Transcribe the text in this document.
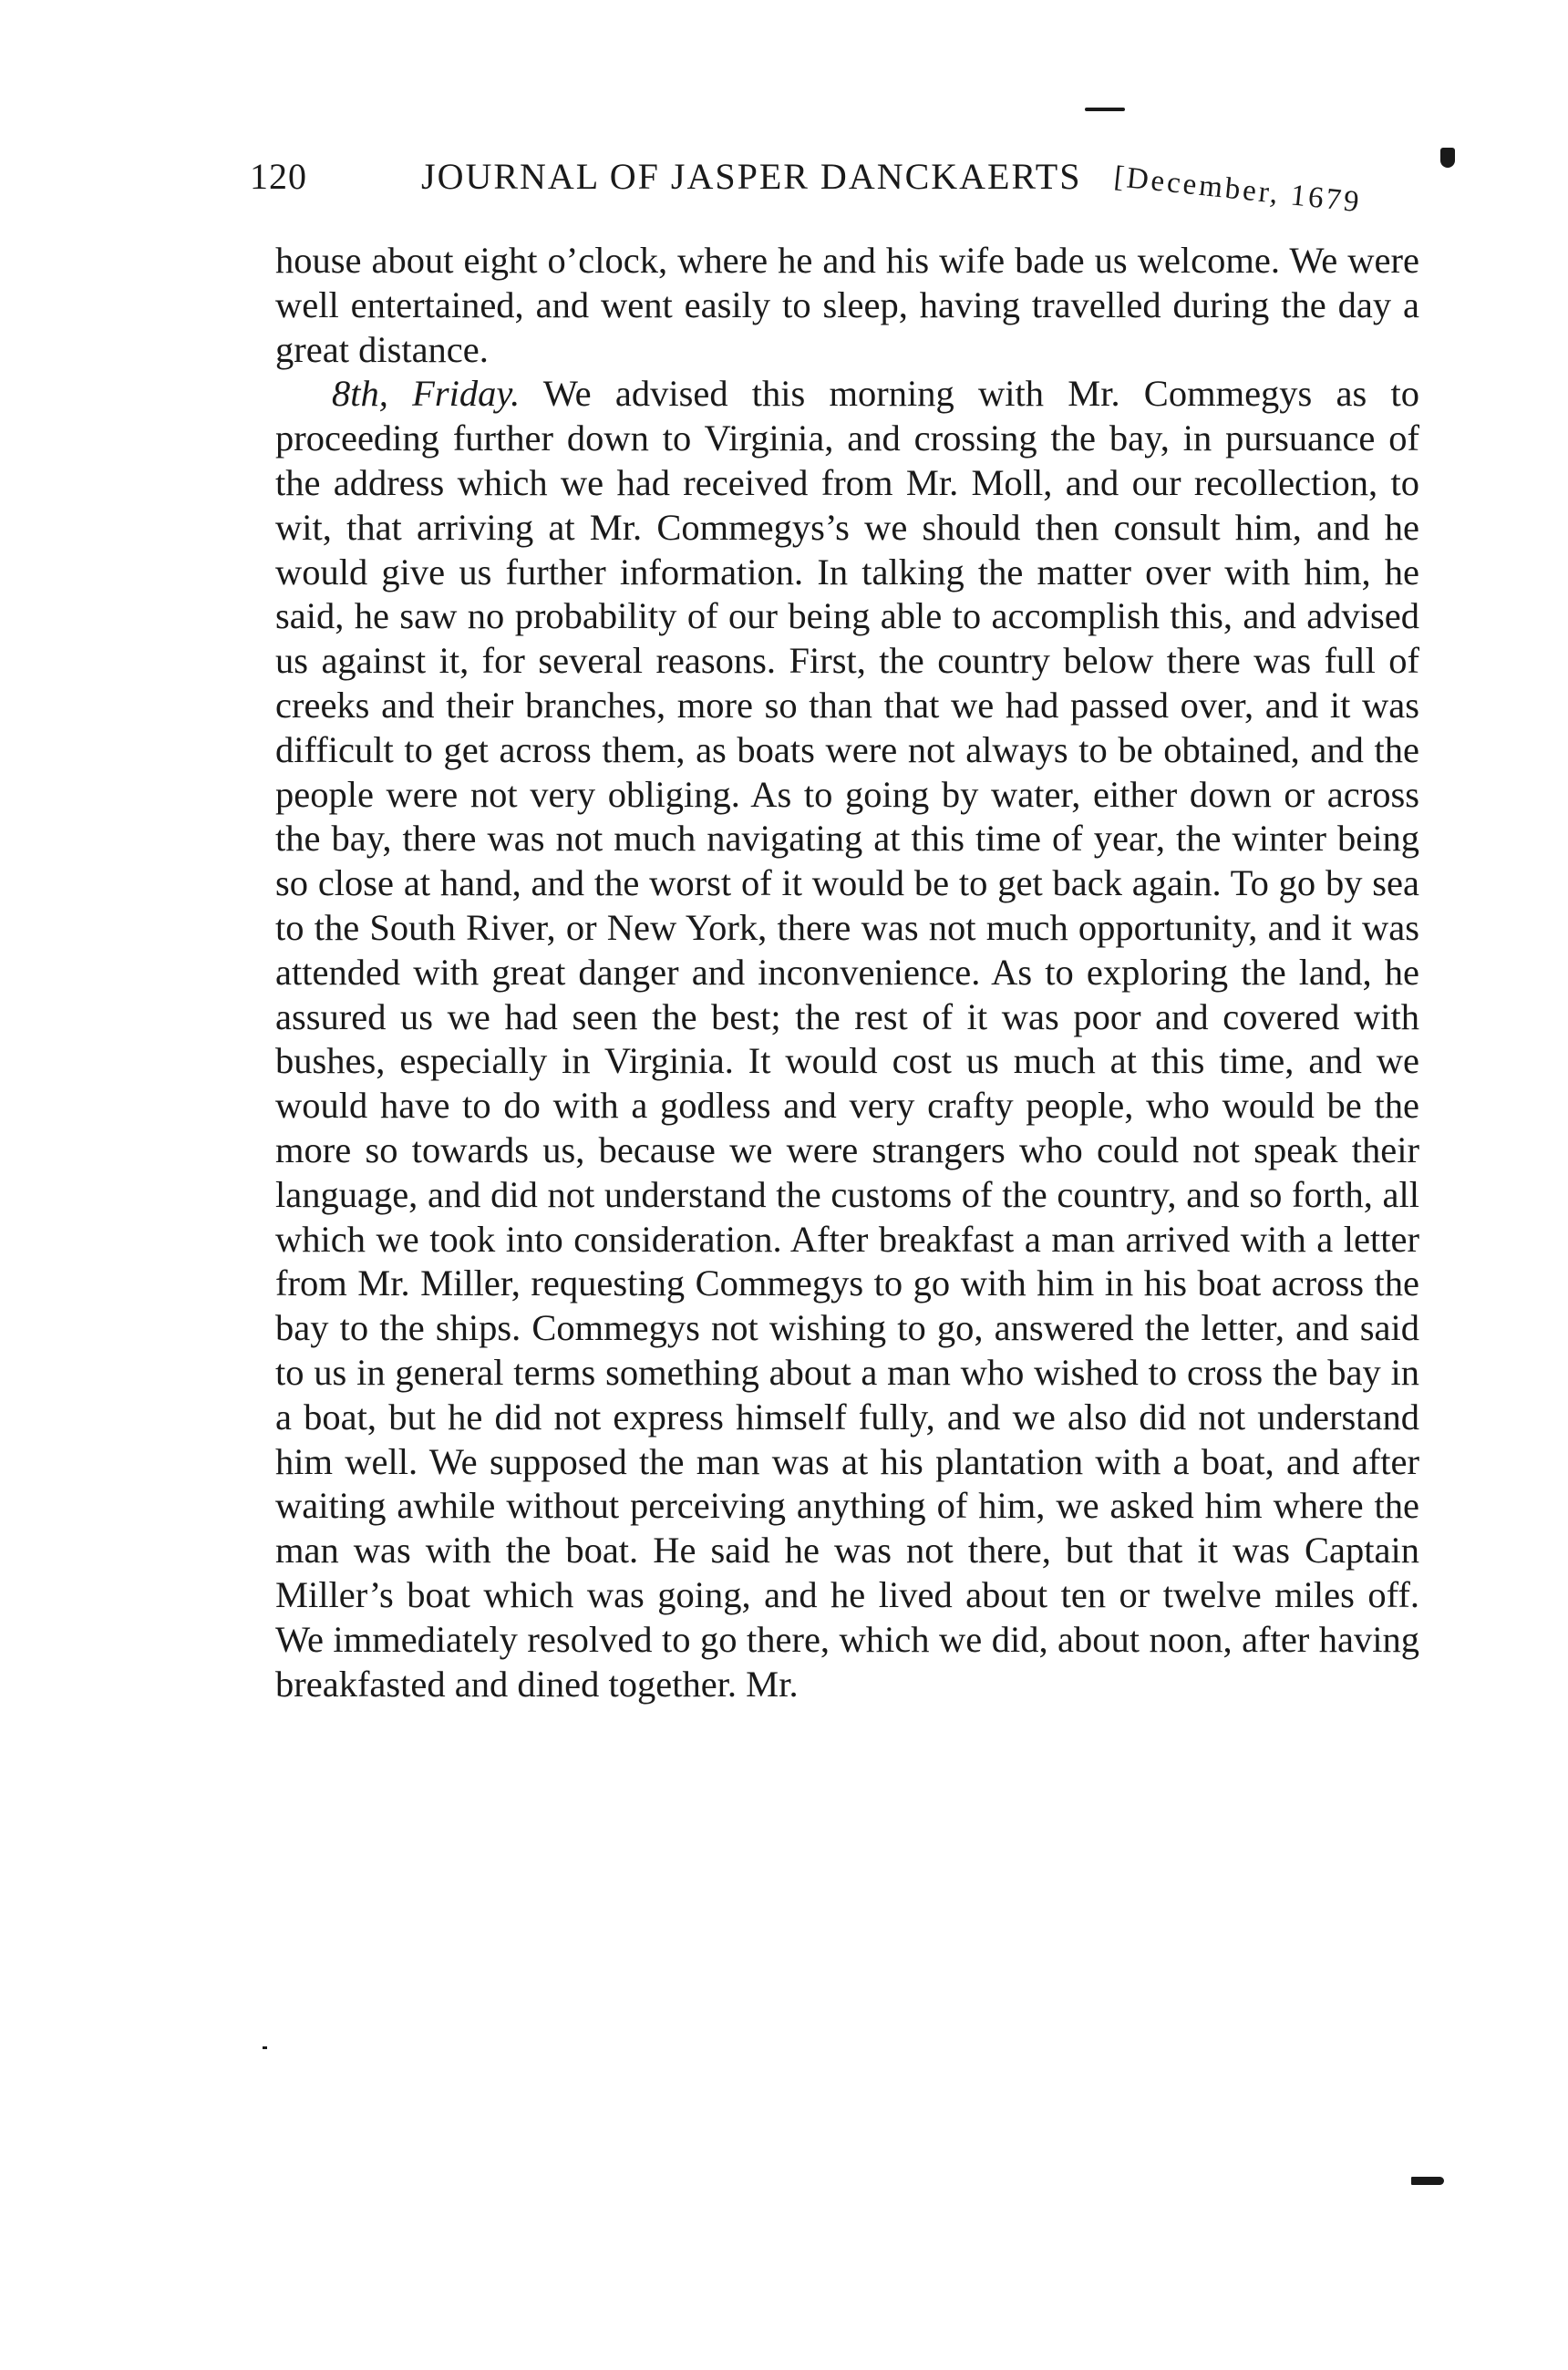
120	JOURNAL OF JASPER DANCKAERTS [December, 1679

house about eight o’clock, where he and his wife bade us welcome. We were well entertained, and went easily to sleep, having travelled during the day a great distance.

8th, Friday. We advised this morning with Mr. Commegys as to proceeding further down to Virginia, and crossing the bay, in pursuance of the address which we had received from Mr. Moll, and our recollection, to wit, that arriving at Mr. Commegys’s we should then consult him, and he would give us further information. In talking the matter over with him, he said, he saw no probability of our being able to accomplish this, and advised us against it, for several reasons. First, the country below there was full of creeks and their branches, more so than that we had passed over, and it was difficult to get across them, as boats were not always to be obtained, and the people were not very obliging. As to going by water, either down or across the bay, there was not much navigating at this time of year, the winter being so close at hand, and the worst of it would be to get back again. To go by sea to the South River, or New York, there was not much opportunity, and it was attended with great danger and inconvenience. As to exploring the land, he assured us we had seen the best; the rest of it was poor and covered with bushes, especially in Virginia. It would cost us much at this time, and we would have to do with a godless and very crafty people, who would be the more so towards us, because we were strangers who could not speak their language, and did not understand the customs of the country, and so forth, all which we took into consideration. After breakfast a man arrived with a letter from Mr. Miller, requesting Commegys to go with him in his boat across the bay to the ships. Commegys not wishing to go, answered the letter, and said to us in general terms something about a man who wished to cross the bay in a boat, but he did not express himself fully, and we also did not understand him well. We supposed the man was at his plantation with a boat, and after waiting awhile without perceiving anything of him, we asked him where the man was with the boat. He said he was not there, but that it was Captain Miller’s boat which was going, and he lived about ten or twelve miles off. We immediately resolved to go there, which we did, about noon, after having breakfasted and dined together. Mr.
